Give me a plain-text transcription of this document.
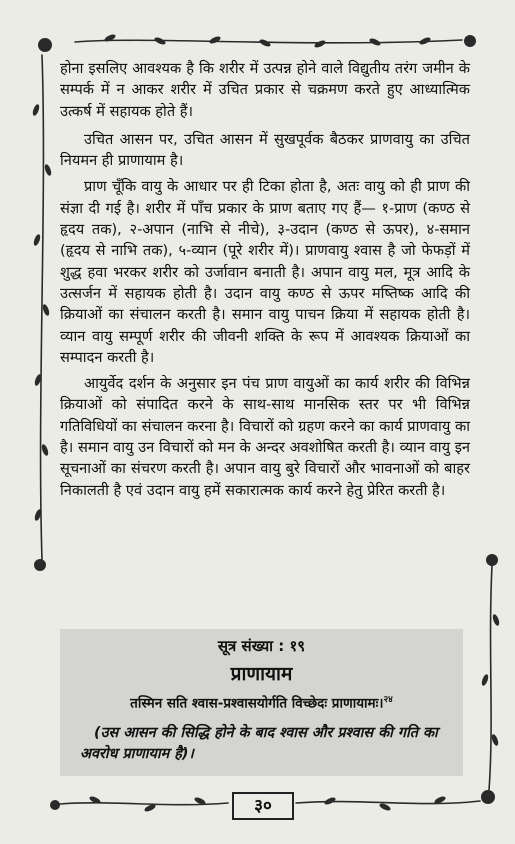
होना इसलिए आवश्यक है कि शरीर में उत्पन्न होने वाले विद्युतीय तरंग जमीन के सम्पर्क में न आकर शरीर में उचित प्रकार से चक्रमण करते हुए आध्यात्मिक उत्कर्ष में सहायक होते हैं।

उचित आसन पर, उचित आसन में सुखपूर्वक बैठकर प्राणवायु का उचित नियमन ही प्राणायाम है।

प्राण चूँकि वायु के आधार पर ही टिका होता है, अतः वायु को ही प्राण की संज्ञा दी गई है। शरीर में पाँच प्रकार के प्राण बताए गए हैं— १-प्राण (कण्ठ से हृदय तक), २-अपान (नाभि से नीचे), ३-उदान (कण्ठ से ऊपर), ४-समान (हृदय से नाभि तक), ५-व्यान (पूरे शरीर में)। प्राणवायु श्वास है जो फेफड़ों में शुद्ध हवा भरकर शरीर को उर्जावान बनाती है। अपान वायु मल, मूत्र आदि के उत्सर्जन में सहायक होती है। उदान वायु कण्ठ से ऊपर मष्तिष्क आदि की क्रियाओं का संचालन करती है। समान वायु पाचन क्रिया में सहायक होती है। व्यान वायु सम्पूर्ण शरीर की जीवनी शक्ति के रूप में आवश्यक क्रियाओं का सम्पादन करती है।

आयुर्वेद दर्शन के अनुसार इन पंच प्राण वायुओं का कार्य शरीर की विभिन्न क्रियाओं को संपादित करने के साथ-साथ मानसिक स्तर पर भी विभिन्न गतिविधियों का संचालन करना है। विचारों को ग्रहण करने का कार्य प्राणवायु का है। समान वायु उन विचारों को मन के अन्दर अवशोषित करती है। व्यान वायु इन सूचनाओं का संचरण करती है। अपान वायु बुरे विचारों और भावनाओं को बाहर निकालती है एवं उदान वायु हमें सकारात्मक कार्य करने हेतु प्रेरित करती है।

सूत्र संख्या : १९
प्राणायाम
तस्मिन सति श्वास-प्रश्वासयोर्गति विच्छेदः प्राणायामः।$^{२४}$
(उस आसन की सिद्धि होने के बाद श्वास और प्रश्वास की गति का अवरोध प्राणायाम है)।
३०
